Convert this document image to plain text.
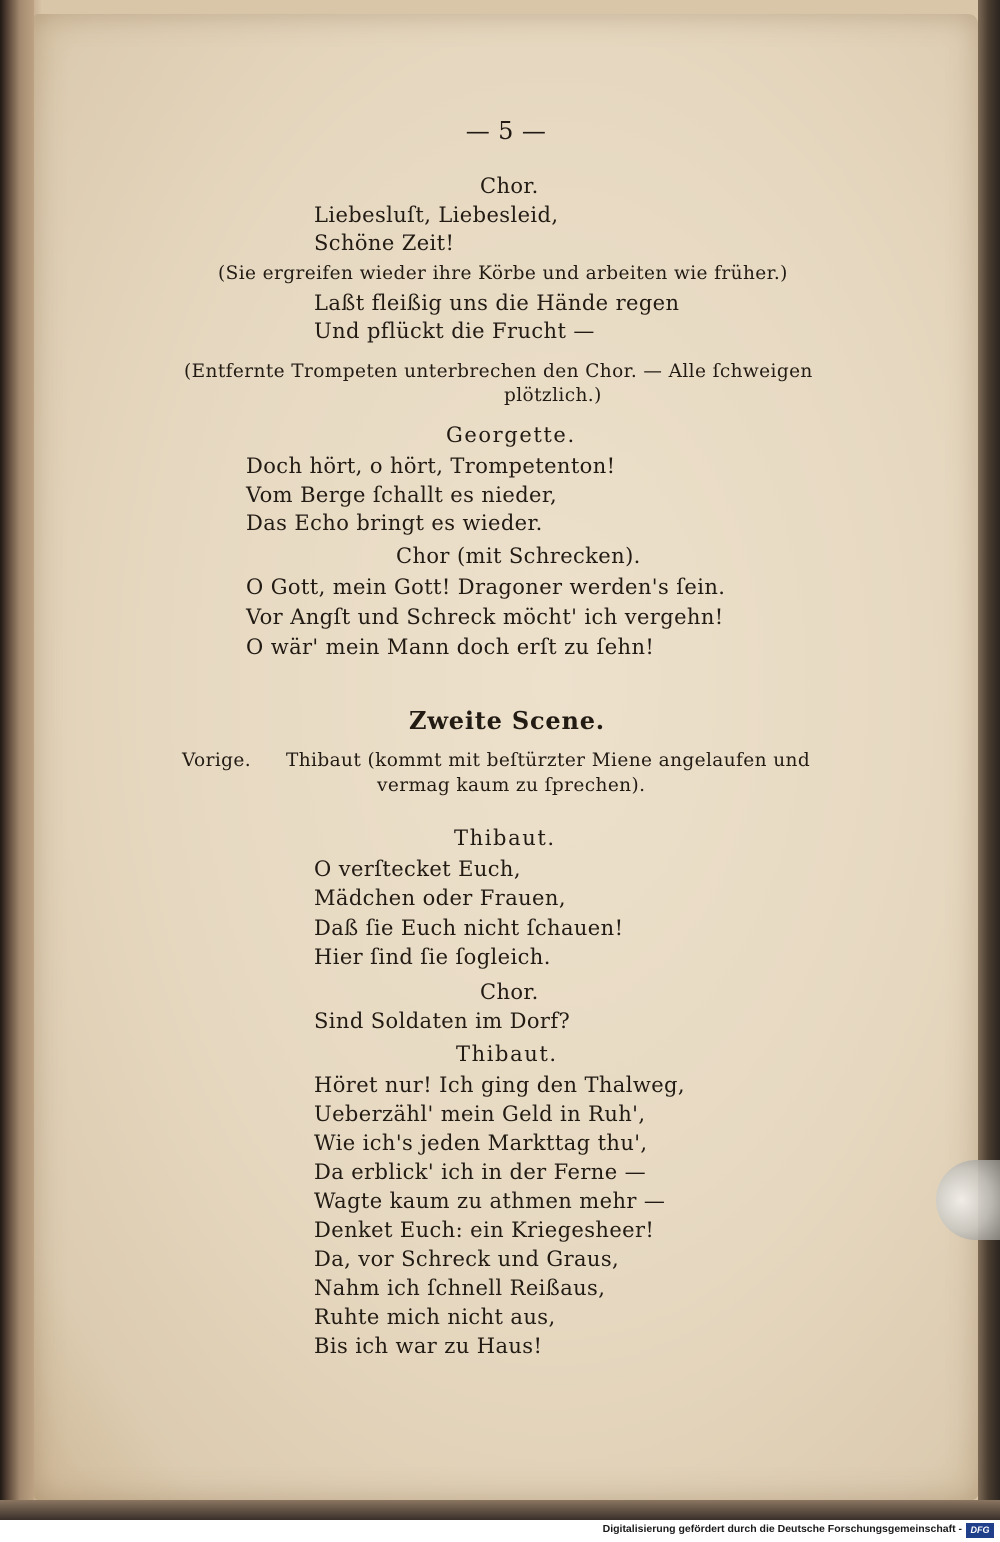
— 5 —
Chor.
Liebesluſt, Liebesleid,
Schöne Zeit!
(Sie ergreifen wieder ihre Körbe und arbeiten wie früher.)
Laßt fleißig uns die Hände regen
Und pflückt die Frucht —
(Entfernte Trompeten unterbrechen den Chor. — Alle ſchweigen
plötzlich.)
Georgette.
Doch hört, o hört, Trompetenton!
Vom Berge ſchallt es nieder,
Das Echo bringt es wieder.
Chor (mit Schrecken).
O Gott, mein Gott! Dragoner werden's ſein.
Vor Angſt und Schreck möcht' ich vergehn!
O wär' mein Mann doch erſt zu ſehn!
Zweite Scene.
Vorige. Thibaut (kommt mit beſtürzter Miene angelaufen und
vermag kaum zu ſprechen).
Thibaut.
O verſtecket Euch,
Mädchen oder Frauen,
Daß ſie Euch nicht ſchauen!
Hier ſind ſie ſogleich.
Chor.
Sind Soldaten im Dorf?
Thibaut.
Höret nur! Ich ging den Thalweg,
Ueberzähl' mein Geld in Ruh',
Wie ich's jeden Markttag thu',
Da erblick' ich in der Ferne —
Wagte kaum zu athmen mehr —
Denket Euch: ein Kriegesheer!
Da, vor Schreck und Graus,
Nahm ich ſchnell Reißaus,
Ruhte mich nicht aus,
Bis ich war zu Haus!
Digitalisierung gefördert durch die Deutsche Forschungsgemeinschaft - DFG
